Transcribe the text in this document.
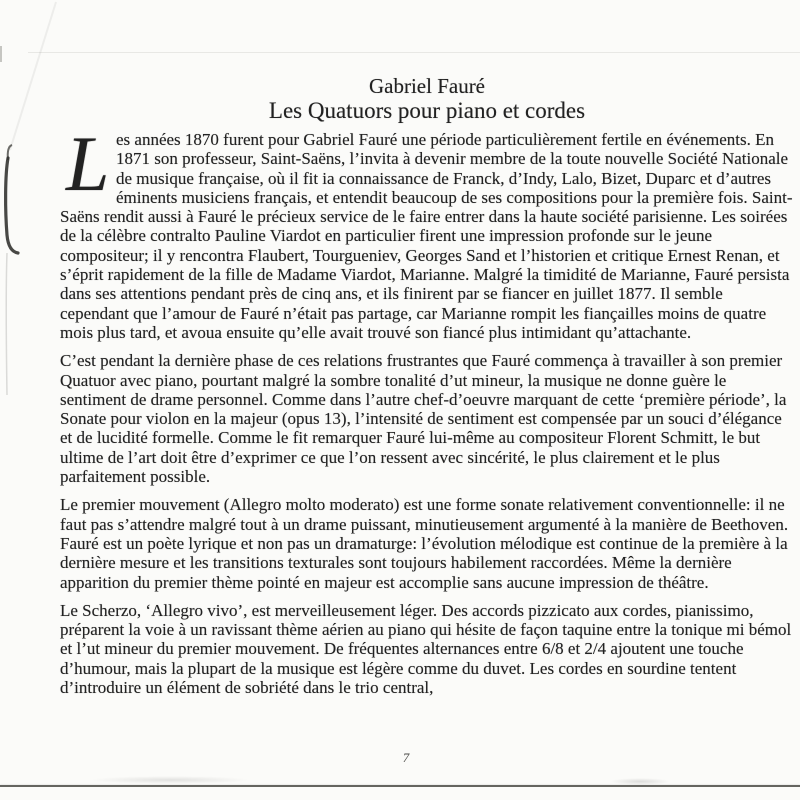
Gabriel Fauré
Les Quatuors pour piano et cordes

Les années 1870 furent pour Gabriel Fauré une période particulièrement fertile en événements. En 1871 son professeur, Saint-Saëns, l’invita à devenir membre de la toute nouvelle Société Nationale de musique française, où il fit ia connaissance de Franck, d’Indy, Lalo, Bizet, Duparc et d’autres éminents musiciens français, et entendit beaucoup de ses compositions pour la première fois. Saint-Saëns rendit aussi à Fauré le précieux service de le faire entrer dans la haute société parisienne. Les soirées de la célèbre contralto Pauline Viardot en particulier firent une impression profonde sur le jeune compositeur; il y rencontra Flaubert, Tourgueniev, Georges Sand et l’historien et critique Ernest Renan, et s’éprit rapidement de la fille de Madame Viardot, Marianne. Malgré la timidité de Marianne, Fauré persista dans ses attentions pendant près de cinq ans, et ils finirent par se fiancer en juillet 1877. Il semble cependant que l’amour de Fauré n’était pas partage, car Marianne rompit les fiançailles moins de quatre mois plus tard, et avoua ensuite qu’elle avait trouvé son fiancé plus intimidant qu’attachante.

C’est pendant la dernière phase de ces relations frustrantes que Fauré commença à travailler à son premier Quatuor avec piano, pourtant malgré la sombre tonalité d’ut mineur, la musique ne donne guère le sentiment de drame personnel. Comme dans l’autre chef-d’oeuvre marquant de cette ‘première période’, la Sonate pour violon en la majeur (opus 13), l’intensité de sentiment est compensée par un souci d’élégance et de lucidité formelle. Comme le fit remarquer Fauré lui-même au compositeur Florent Schmitt, le but ultime de l’art doit être d’exprimer ce que l’on ressent avec sincérité, le plus clairement et le plus parfaitement possible.

Le premier mouvement (Allegro molto moderato) est une forme sonate relativement conventionnelle: il ne faut pas s’attendre malgré tout à un drame puissant, minutieusement argumenté à la manière de Beethoven. Fauré est un poète lyrique et non pas un dramaturge: l’évolution mélodique est continue de la première à la dernière mesure et les transitions texturales sont toujours habilement raccordées. Même la dernière apparition du premier thème pointé en majeur est accomplie sans aucune impression de théâtre.

Le Scherzo, ‘Allegro vivo’, est merveilleusement léger. Des accords pizzicato aux cordes, pianissimo, préparent la voie à un ravissant thème aérien au piano qui hésite de façon taquine entre la tonique mi bémol et l’ut mineur du premier mouvement. De fréquentes alternances entre 6/8 et 2/4 ajoutent une touche d’humour, mais la plupart de la musique est légère comme du duvet. Les cordes en sourdine tentent d’introduire un élément de sobriété dans le trio central,

7
